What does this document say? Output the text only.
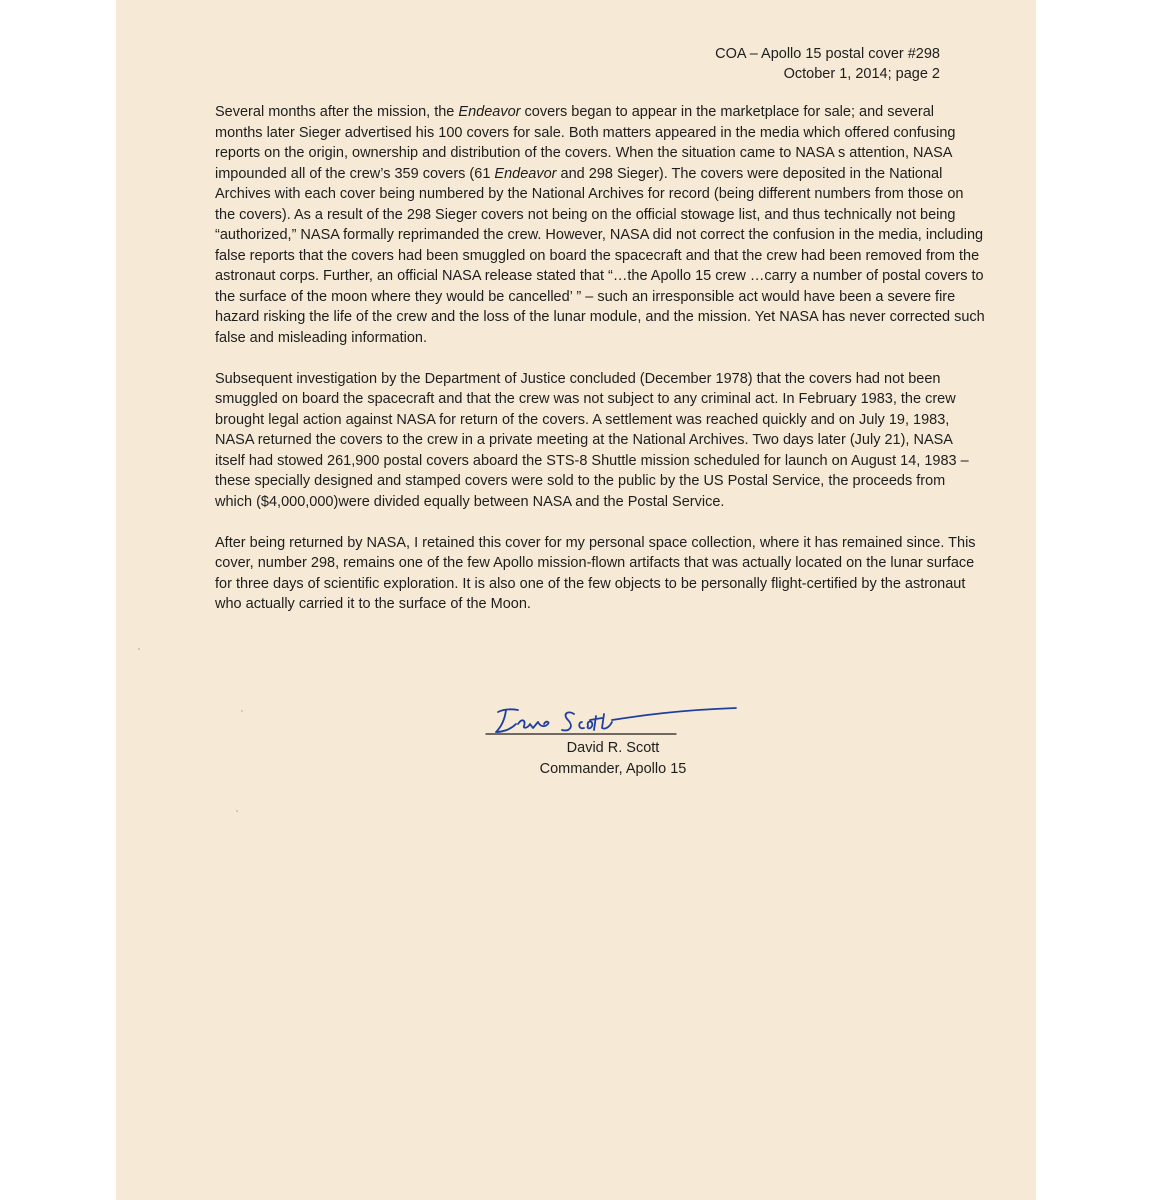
COA – Apollo 15 postal cover #298
October 1, 2014; page 2

Several months after the mission, the Endeavor covers began to appear in the marketplace for sale; and several months later Sieger advertised his 100 covers for sale. Both matters appeared in the media which offered confusing reports on the origin, ownership and distribution of the covers. When the situation came to NASA s attention, NASA impounded all of the crew’s 359 covers (61 Endeavor and 298 Sieger). The covers were deposited in the National Archives with each cover being numbered by the National Archives for record (being different numbers from those on the covers). As a result of the 298 Sieger covers not being on the official stowage list, and thus technically not being “authorized,” NASA formally reprimanded the crew. However, NASA did not correct the confusion in the media, including false reports that the covers had been smuggled on board the spacecraft and that the crew had been removed from the astronaut corps. Further, an official NASA release stated that “…the Apollo 15 crew …carry a number of postal covers to the surface of the moon where they would be cancelled’ ” – such an irresponsible act would have been a severe fire hazard risking the life of the crew and the loss of the lunar module, and the mission. Yet NASA has never corrected such false and misleading information.

Subsequent investigation by the Department of Justice concluded (December 1978) that the covers had not been smuggled on board the spacecraft and that the crew was not subject to any criminal act. In February 1983, the crew brought legal action against NASA for return of the covers. A settlement was reached quickly and on July 19, 1983, NASA returned the covers to the crew in a private meeting at the National Archives. Two days later (July 21), NASA itself had stowed 261,900 postal covers aboard the STS-8 Shuttle mission scheduled for launch on August 14, 1983 – these specially designed and stamped covers were sold to the public by the US Postal Service, the proceeds from which ($4,000,000)were divided equally between NASA and the Postal Service.

After being returned by NASA, I retained this cover for my personal space collection, where it has remained since. This cover, number 298, remains one of the few Apollo mission-flown artifacts that was actually located on the lunar surface for three days of scientific exploration. It is also one of the few objects to be personally flight-certified by the astronaut who actually carried it to the surface of the Moon.

David R. Scott
Commander, Apollo 15
